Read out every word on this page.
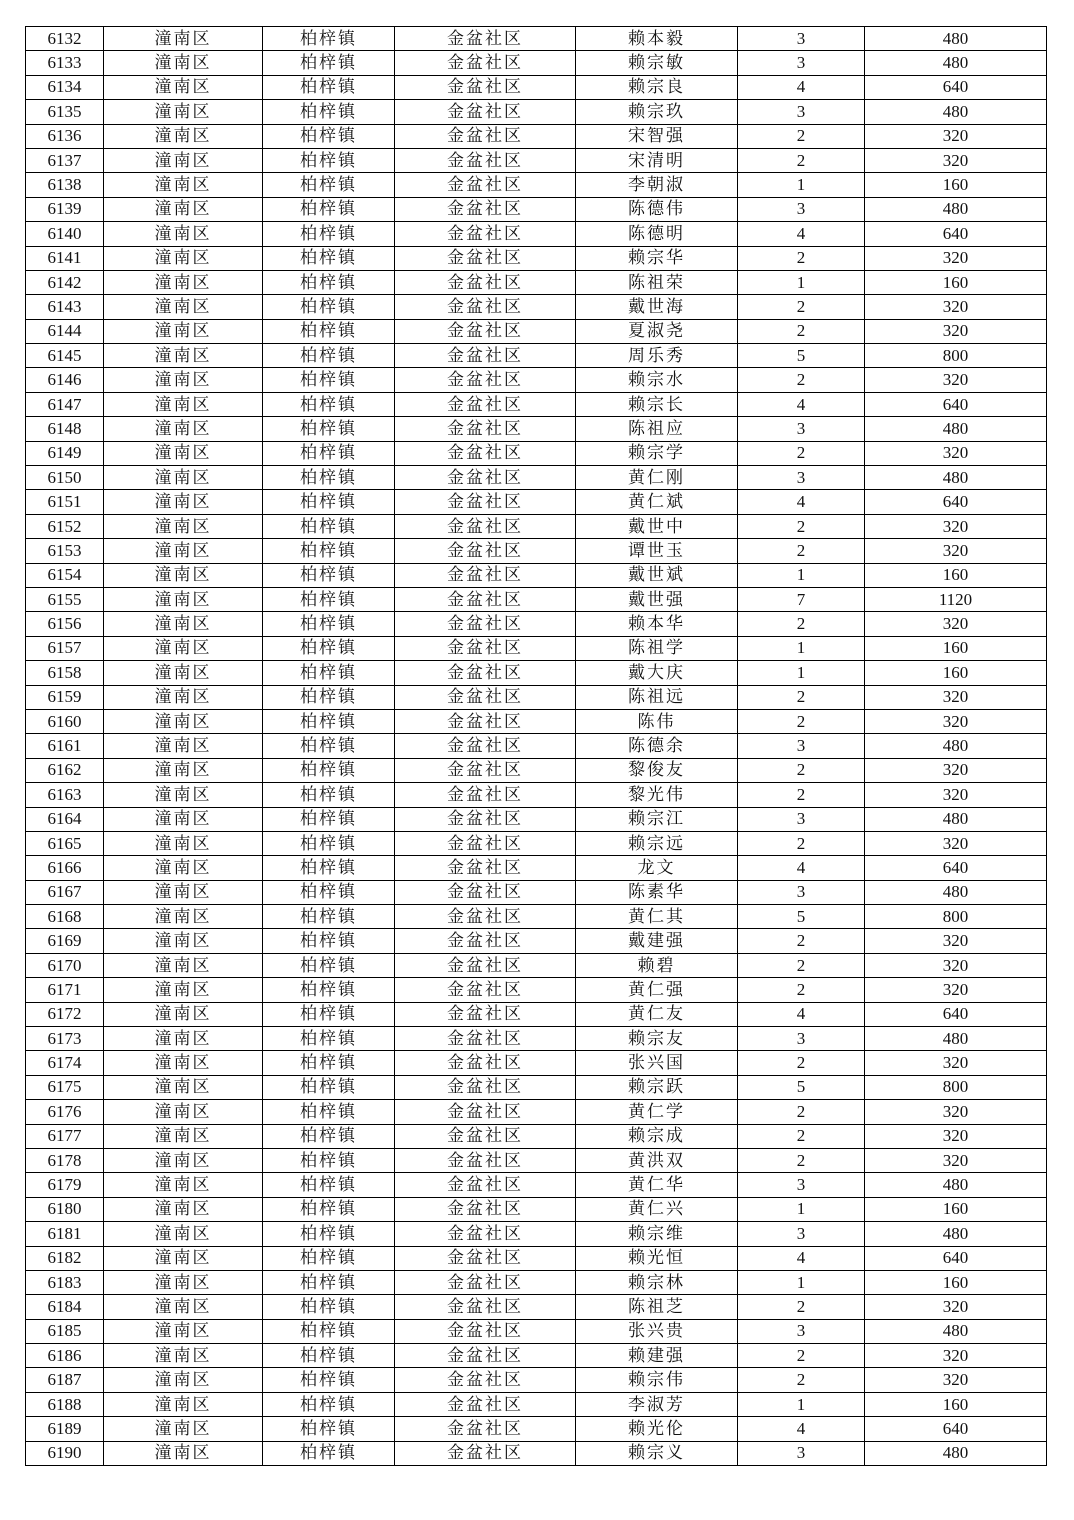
6132	潼南区	柏梓镇	金盆社区	赖本毅	3	480
6133	潼南区	柏梓镇	金盆社区	赖宗敏	3	480
6134	潼南区	柏梓镇	金盆社区	赖宗良	4	640
6135	潼南区	柏梓镇	金盆社区	赖宗玖	3	480
6136	潼南区	柏梓镇	金盆社区	宋智强	2	320
6137	潼南区	柏梓镇	金盆社区	宋清明	2	320
6138	潼南区	柏梓镇	金盆社区	李朝淑	1	160
6139	潼南区	柏梓镇	金盆社区	陈德伟	3	480
6140	潼南区	柏梓镇	金盆社区	陈德明	4	640
6141	潼南区	柏梓镇	金盆社区	赖宗华	2	320
6142	潼南区	柏梓镇	金盆社区	陈祖荣	1	160
6143	潼南区	柏梓镇	金盆社区	戴世海	2	320
6144	潼南区	柏梓镇	金盆社区	夏淑尧	2	320
6145	潼南区	柏梓镇	金盆社区	周乐秀	5	800
6146	潼南区	柏梓镇	金盆社区	赖宗水	2	320
6147	潼南区	柏梓镇	金盆社区	赖宗长	4	640
6148	潼南区	柏梓镇	金盆社区	陈祖应	3	480
6149	潼南区	柏梓镇	金盆社区	赖宗学	2	320
6150	潼南区	柏梓镇	金盆社区	黄仁刚	3	480
6151	潼南区	柏梓镇	金盆社区	黄仁斌	4	640
6152	潼南区	柏梓镇	金盆社区	戴世中	2	320
6153	潼南区	柏梓镇	金盆社区	谭世玉	2	320
6154	潼南区	柏梓镇	金盆社区	戴世斌	1	160
6155	潼南区	柏梓镇	金盆社区	戴世强	7	1120
6156	潼南区	柏梓镇	金盆社区	赖本华	2	320
6157	潼南区	柏梓镇	金盆社区	陈祖学	1	160
6158	潼南区	柏梓镇	金盆社区	戴大庆	1	160
6159	潼南区	柏梓镇	金盆社区	陈祖远	2	320
6160	潼南区	柏梓镇	金盆社区	陈伟	2	320
6161	潼南区	柏梓镇	金盆社区	陈德余	3	480
6162	潼南区	柏梓镇	金盆社区	黎俊友	2	320
6163	潼南区	柏梓镇	金盆社区	黎光伟	2	320
6164	潼南区	柏梓镇	金盆社区	赖宗江	3	480
6165	潼南区	柏梓镇	金盆社区	赖宗远	2	320
6166	潼南区	柏梓镇	金盆社区	龙文	4	640
6167	潼南区	柏梓镇	金盆社区	陈素华	3	480
6168	潼南区	柏梓镇	金盆社区	黄仁其	5	800
6169	潼南区	柏梓镇	金盆社区	戴建强	2	320
6170	潼南区	柏梓镇	金盆社区	赖碧	2	320
6171	潼南区	柏梓镇	金盆社区	黄仁强	2	320
6172	潼南区	柏梓镇	金盆社区	黄仁友	4	640
6173	潼南区	柏梓镇	金盆社区	赖宗友	3	480
6174	潼南区	柏梓镇	金盆社区	张兴国	2	320
6175	潼南区	柏梓镇	金盆社区	赖宗跃	5	800
6176	潼南区	柏梓镇	金盆社区	黄仁学	2	320
6177	潼南区	柏梓镇	金盆社区	赖宗成	2	320
6178	潼南区	柏梓镇	金盆社区	黄洪双	2	320
6179	潼南区	柏梓镇	金盆社区	黄仁华	3	480
6180	潼南区	柏梓镇	金盆社区	黄仁兴	1	160
6181	潼南区	柏梓镇	金盆社区	赖宗维	3	480
6182	潼南区	柏梓镇	金盆社区	赖光恒	4	640
6183	潼南区	柏梓镇	金盆社区	赖宗林	1	160
6184	潼南区	柏梓镇	金盆社区	陈祖芝	2	320
6185	潼南区	柏梓镇	金盆社区	张兴贵	3	480
6186	潼南区	柏梓镇	金盆社区	赖建强	2	320
6187	潼南区	柏梓镇	金盆社区	赖宗伟	2	320
6188	潼南区	柏梓镇	金盆社区	李淑芳	1	160
6189	潼南区	柏梓镇	金盆社区	赖光伦	4	640
6190	潼南区	柏梓镇	金盆社区	赖宗义	3	480
